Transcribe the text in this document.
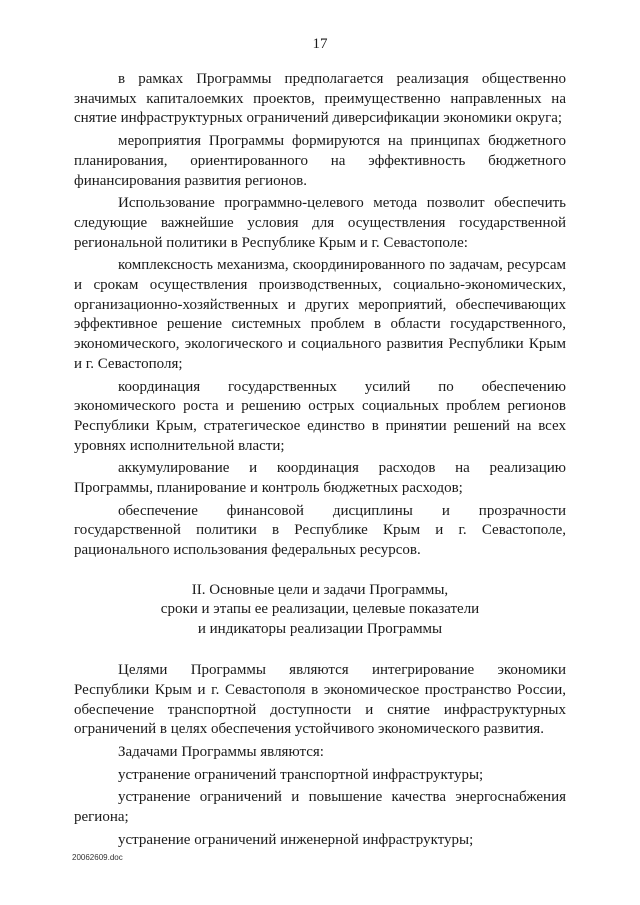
17

в рамках Программы предполагается реализация общественно значимых капиталоемких проектов, преимущественно направленных на снятие инфраструктурных ограничений диверсификации экономики округа;

мероприятия Программы формируются на принципах бюджетного планирования, ориентированного на эффективность бюджетного финансирования развития регионов.

Использование программно-целевого метода позволит обеспечить следующие важнейшие условия для осуществления государственной региональной политики в Республике Крым и г. Севастополе:

комплексность механизма, скоординированного по задачам, ресурсам и срокам осуществления производственных, социально-экономических, организационно-хозяйственных и других мероприятий, обеспечивающих эффективное решение системных проблем в области государственного, экономического, экологического и социального развития Республики Крым и г. Севастополя;

координация государственных усилий по обеспечению экономического роста и решению острых социальных проблем регионов Республики Крым, стратегическое единство в принятии решений на всех уровнях исполнительной власти;

аккумулирование и координация расходов на реализацию Программы, планирование и контроль бюджетных расходов;

обеспечение финансовой дисциплины и прозрачности государственной политики в Республике Крым и г. Севастополе, рационального использования федеральных ресурсов.

II. Основные цели и задачи Программы,
сроки и этапы ее реализации, целевые показатели
и индикаторы реализации Программы

Целями Программы являются интегрирование экономики Республики Крым и г. Севастополя в экономическое пространство России, обеспечение транспортной доступности и снятие инфраструктурных ограничений в целях обеспечения устойчивого экономического развития.

Задачами Программы являются:

устранение ограничений транспортной инфраструктуры;

устранение ограничений и повышение качества энергоснабжения региона;

устранение ограничений инженерной инфраструктуры;

20062609.doc
